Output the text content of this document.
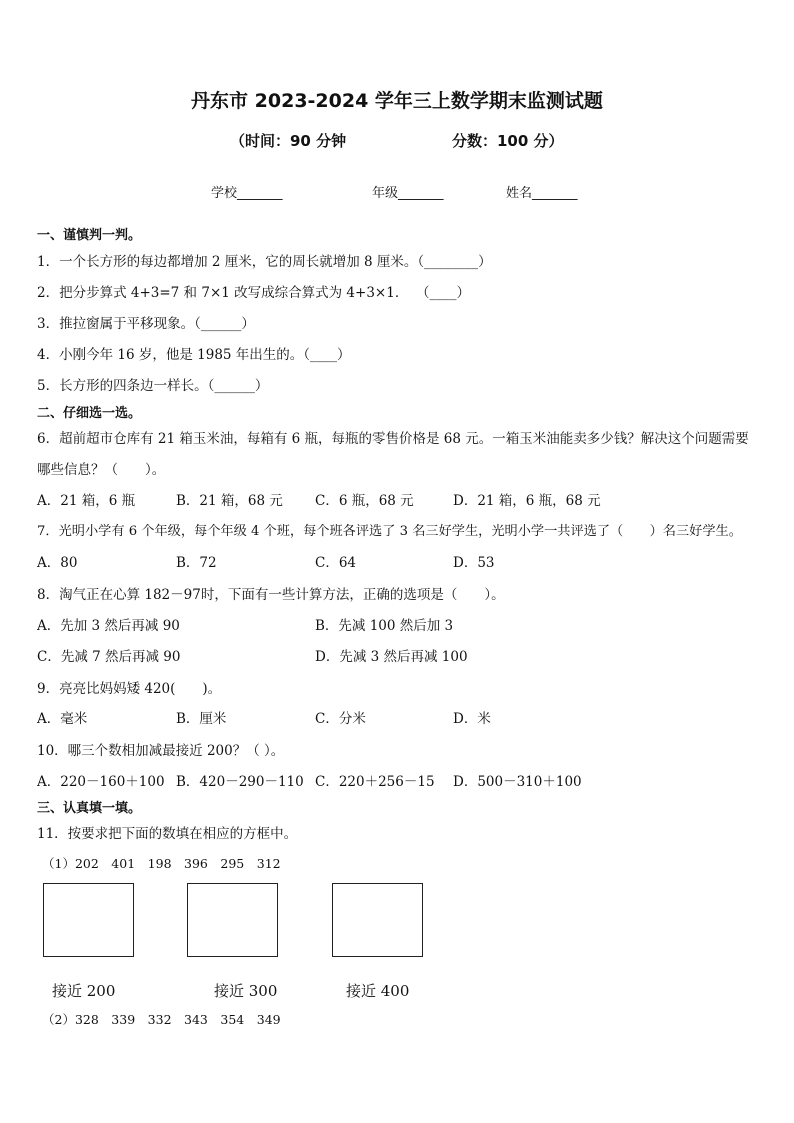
丹东市 2023-2024 学年三上数学期末监测试题
（时间：90 分钟	分数：100 分）
学校_______	年级_______	姓名_______
一、谨慎判一判。
1．一个长方形的每边都增加 2 厘米，它的周长就增加 8 厘米。（________）
2．把分步算式 4+3=7 和 7×1 改写成综合算式为 4+3×1． （____）
3．推拉窗属于平移现象。（______）
4．小刚今年 16 岁，他是 1985 年出生的。（____）
5．长方形的四条边一样长。（______）
二、仔细选一选。
6．超前超市仓库有 21 箱玉米油，每箱有 6 瓶，每瓶的零售价格是 68 元。一箱玉米油能卖多少钱？解决这个问题需要
哪些信息？（　　）。
A．21 箱，6 瓶	B．21 箱，68 元 C．6 瓶，68 元	D．21 箱，6 瓶，68 元
7．光明小学有 6 个年级，每个年级 4 个班，每个班各评选了 3 名三好学生，光明小学一共评选了（　　）名三好学生。
A．80	B．72	C．64	D．53
8．淘气正在心算 182－97时，下面有一些计算方法，正确的选项是（　　）。
A．先加 3 然后再减 90	B．先减 100 然后加 3
C．先减 7 然后再减 90	D．先减 3 然后再减 100
9．亮亮比妈妈矮 420(　　)。
A．毫米	B．厘米	C．分米	D．米
10．哪三个数相加减最接近 200？（ ）。
A．220－160＋100 B．420－290－110 C．220＋256－15 D．500－310＋100
三、认真填一填。
11．按要求把下面的数填在相应的方框中。
（1）202　401　198　396　295　312
接近 200	接近 300	接近 400
（2）328　339　332　343　354　349
